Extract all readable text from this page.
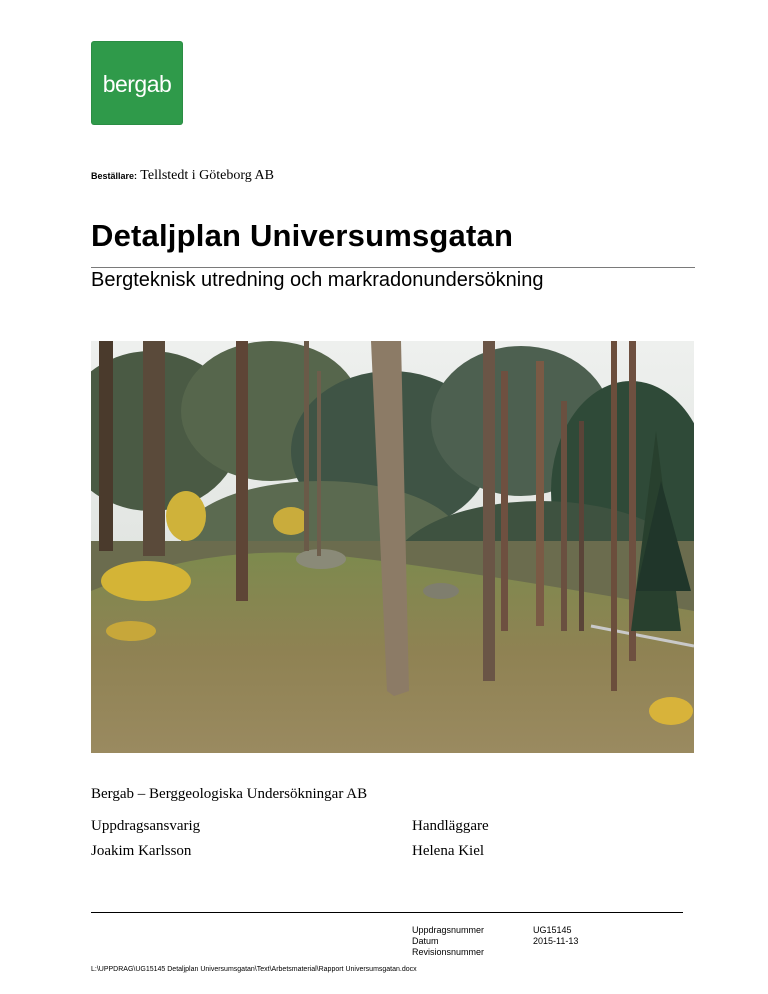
bergab
Beställare: Tellstedt i Göteborg AB
Detaljplan Universumsgatan
Bergteknisk utredning och markradonundersökning
Bergab – Berggeologiska Undersökningar AB
Uppdragsansvarig	Handläggare
Joakim Karlsson	Helena Kiel
Uppdragsnummer
Datum
Revisionsnummer
UG15145
2015-11-13
L:\UPPDRAG\UG15145 Detaljplan Universumsgatan\Text\Arbetsmaterial\Rapport Universumsgatan.docx
